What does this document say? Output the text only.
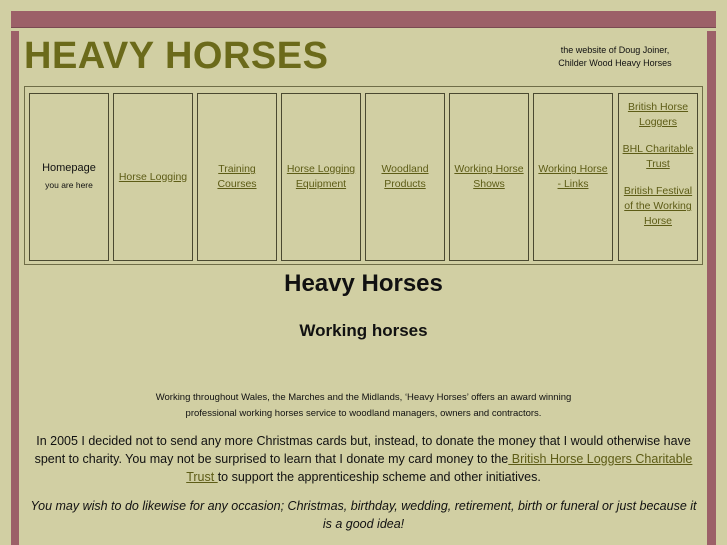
HEAVY HORSES	the website of Doug Joiner,
Childer Wood Heavy Horses
Homepage
you are here
Horse Logging
Training
Courses
Horse Logging
Equipment
Woodland
Products
Working Horse
Shows
Working Horse
- Links
British Horse
Loggers
BHL Charitable
Trust
British Festival
of the Working
Horse
Heavy Horses
Working horses
Working throughout Wales, the Marches and the Midlands, ‘Heavy Horses’ offers an award winning
professional working horses service to woodland managers, owners and contractors.
In 2005 I decided not to send any more Christmas cards but, instead, to donate the money that I would otherwise have spent to charity. You may not be surprised to learn that I donate my card money to the British Horse Loggers Charitable Trust to support the apprenticeship scheme and other initiatives.
You may wish to do likewise for any occasion; Christmas, birthday, wedding, retirement, birth or funeral or just because it is a good idea!
